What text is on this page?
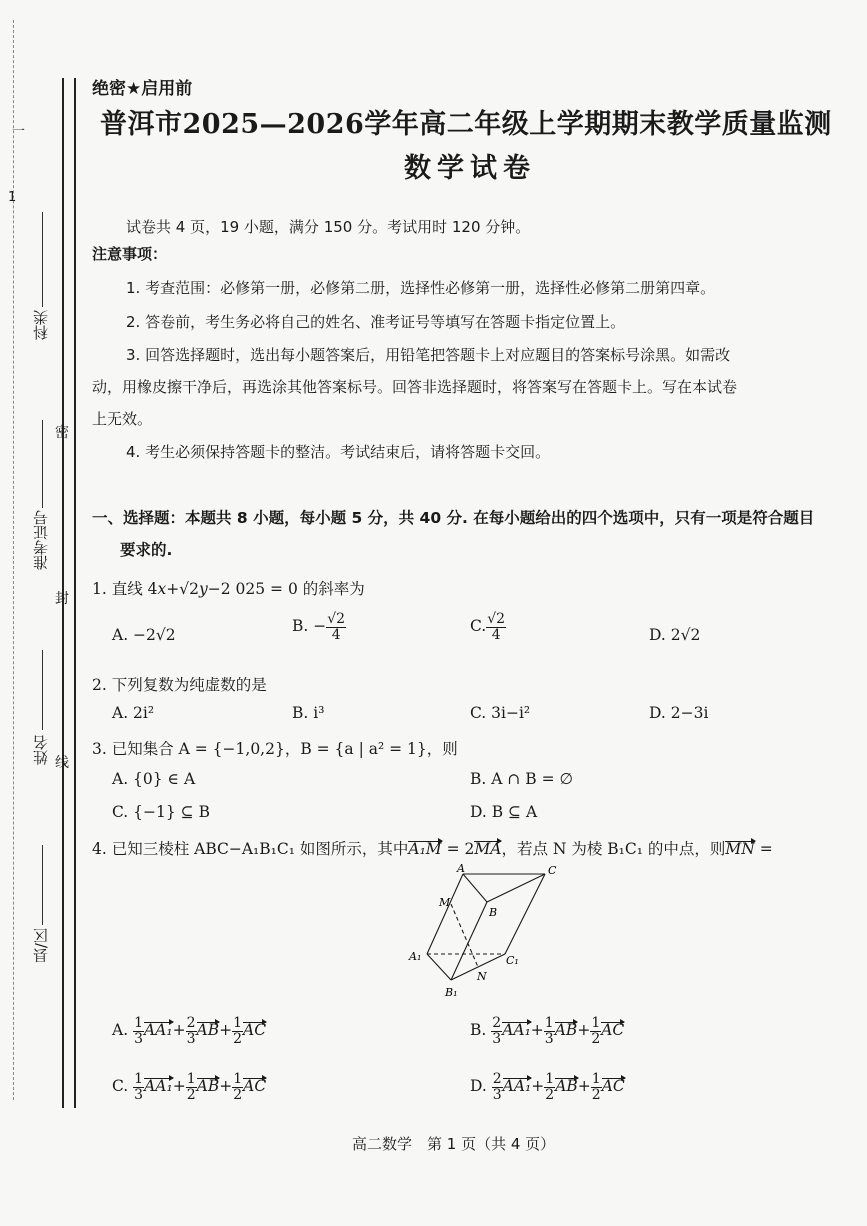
一
1
科类
密
准考证号
封
姓名 线
县/区
绝密★启用前
普洱市2025—2026学年高二年级上学期期末教学质量监测
数学试卷
试卷共 4 页，19 小题，满分 150 分。考试用时 120 分钟。
注意事项：
1. 考查范围：必修第一册，必修第二册，选择性必修第一册，选择性必修第二册第四章。
2. 答卷前，考生务必将自己的姓名、准考证号等填写在答题卡指定位置上。
3. 回答选择题时，选出每小题答案后，用铅笔把答题卡上对应题目的答案标号涂黑。如需改
动，用橡皮擦干净后，再选涂其他答案标号。回答非选择题时，将答案写在答题卡上。写在本试卷
上无效。
4. 考生必须保持答题卡的整洁。考试结束后，请将答题卡交回。
一、选择题：本题共 8 小题，每小题 5 分，共 40 分. 在每小题给出的四个选项中，只有一项是符合题目
要求的.
1. 直线 4x+√2y−2 025 = 0 的斜率为
A. −2√2	B. − $\frac{√2}{4}$	C. $\frac{√2}{4}$	D. 2√2
2. 下列复数为纯虚数的是
A. 2i²	B. i³	C. 3i−i²	D. 2−3i
3. 已知集合 A = {−1,0,2}，B = {a | a² = 1}，则
A. {0} ∈ A	B. A ∩ B = ∅
C. {−1} ⊆ B	D. B ⊆ A
4. 已知三棱柱 ABC−A₁B₁C₁ 如图所示，其中A₁M = 2MA，若点 N 为棱 B₁C₁ 的中点，则MN =
A	C
B
M
A₁	C₁
N
B₁
A. $\frac{1}{3} AA_1+ \frac{2}{3} AB+ \frac{1}{2}$ AC	B. $\frac{2}{3} AA_1+ \frac{1}{3} AB+ \frac{1}{2}$ AC
C. $\frac{1}{3} AA_1+ \frac{1}{2} AB+ \frac{1}{2}$ AC	D. $\frac{2}{3} AA_1+ \frac{1}{2} AB+ \frac{1}{2}$ AC
高二数学　第 1 页（共 4 页）
